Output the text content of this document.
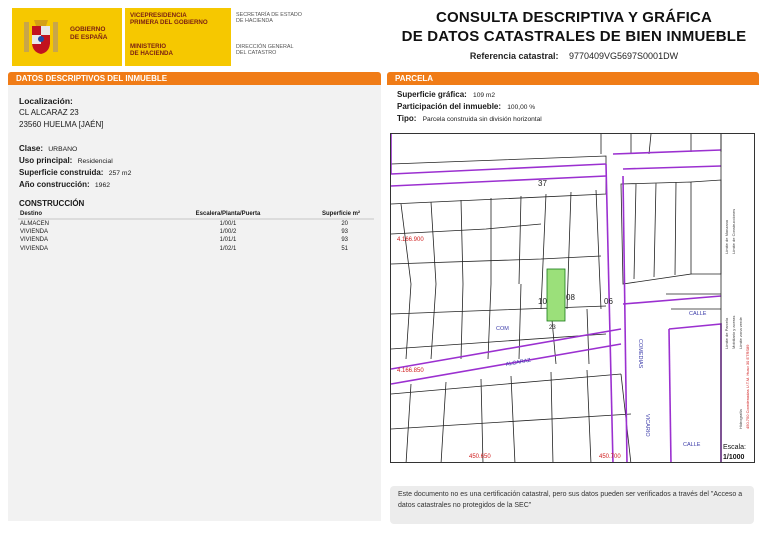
GOBIERNO
DE ESPAÑA
VICEPRESIDENCIA
PRIMERA DEL GOBIERNO
MINISTERIO
DE HACIENDA
SECRETARÍA DE ESTADO
DE HACIENDA
DIRECCIÓN GENERAL
DEL CATASTRO
CONSULTA DESCRIPTIVA Y GRÁFICA
DE DATOS CATASTRALES DE BIEN INMUEBLE
Referencia catastral: 9770409VG5697S0001DW
DATOS DESCRIPTIVOS DEL INMUEBLE
Localización:
CL ALCARAZ 23
23560 HUELMA [JAÉN]
Clase: URBANO
Uso principal: Residencial
Superficie construida: 257 m2
Año construcción: 1962
CONSTRUCCIÓN
Destino	Escalera/Planta/Puerta	Superficie m²
ALMACEN	1/00/1	20
VIVIENDA	1/00/2	93
VIVIENDA	1/01/1	93
VIVIENDA	1/02/1	51
PARCELA
Superficie gráfica: 109 m2
Participación del inmueble: 100,00 %
Tipo: Parcela construida sin división horizontal
ALCARAZ
CALLE
CALLE
COMEDIAS
VICARIO
COM	23
37
10 08	06
4.166.900
4.166.850
450.650	450.700
Límite de Manzana
Límite de Parcela
Límite de Construcciones
Mobiliario y aceras Límite zona verde
Hidrografía 450.750 Coordenadas U.T.M. Huso 30 ETRS89
Escala:
1/1000
Este documento no es una certificación catastral, pero sus datos pueden ser verificados a través del "Acceso a datos catastrales no protegidos de la SEC"
